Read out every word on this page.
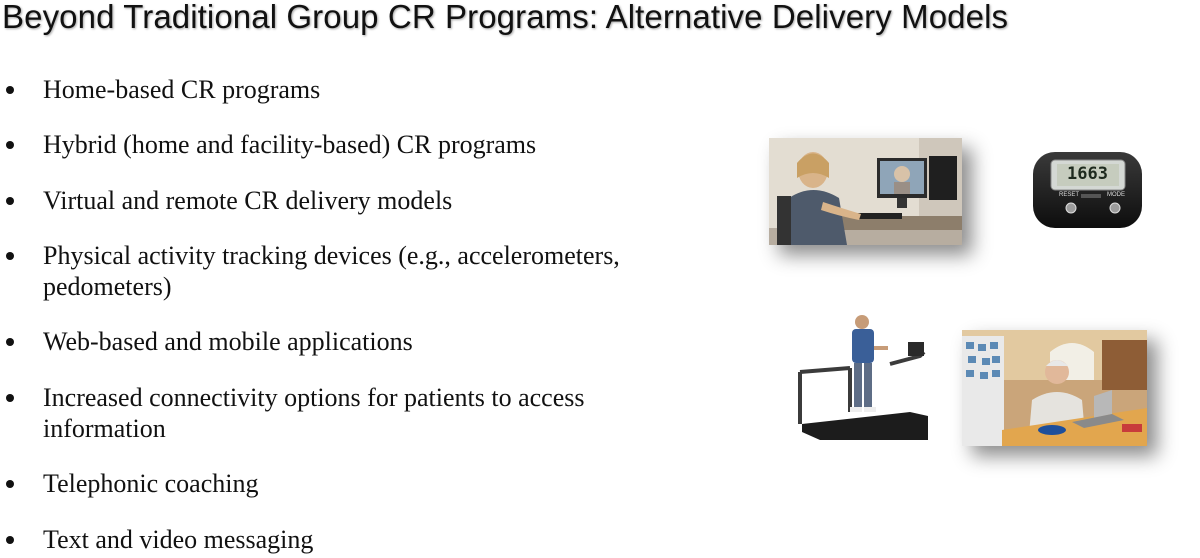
Beyond Traditional Group CR Programs: Alternative Delivery Models
Home-based CR programs
Hybrid (home and facility-based) CR programs
Virtual and remote CR delivery models
Physical activity tracking devices (e.g., accelerometers,
pedometers)
Web-based and mobile applications
Increased connectivity options for patients to access
information
Telephonic coaching
Text and video messaging
1663
RESET	MODE
